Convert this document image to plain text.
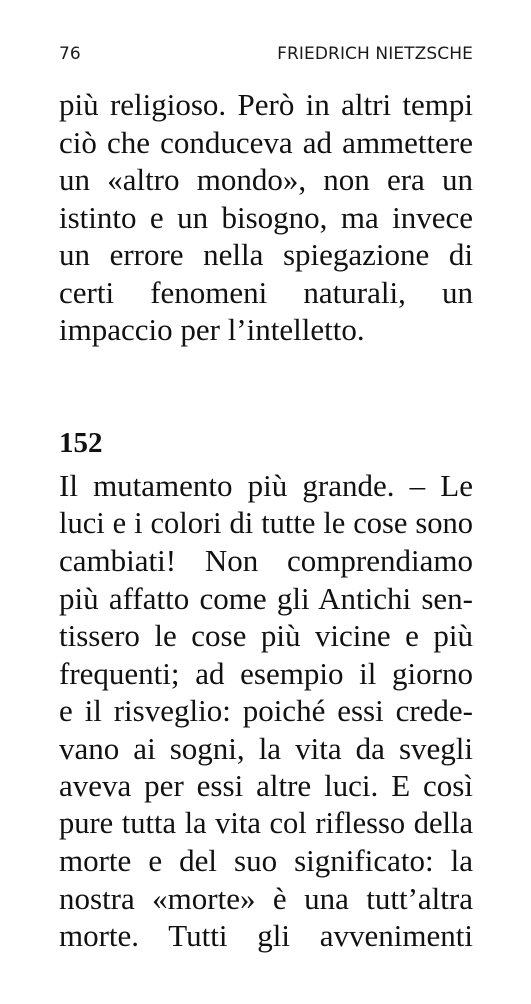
76	FRIEDRICH NIETZSCHE
più religioso. Però in altri tempi
ciò che conduceva ad ammettere
un «altro mondo», non era un
istinto e un bisogno, ma invece
un errore nella spiegazione di
certi fenomeni naturali, un
impaccio per l’intelletto.
152
Il mutamento più grande. – Le
luci e i colori di tutte le cose sono
cambiati! Non comprendiamo
più affatto come gli Antichi sen-
tissero le cose più vicine e più
frequenti; ad esempio il giorno
e il risveglio: poiché essi crede-
vano ai sogni, la vita da svegli
aveva per essi altre luci. E così
pure tutta la vita col riflesso della
morte e del suo significato: la
nostra «morte» è una tutt’altra
morte. Tutti gli avvenimenti
